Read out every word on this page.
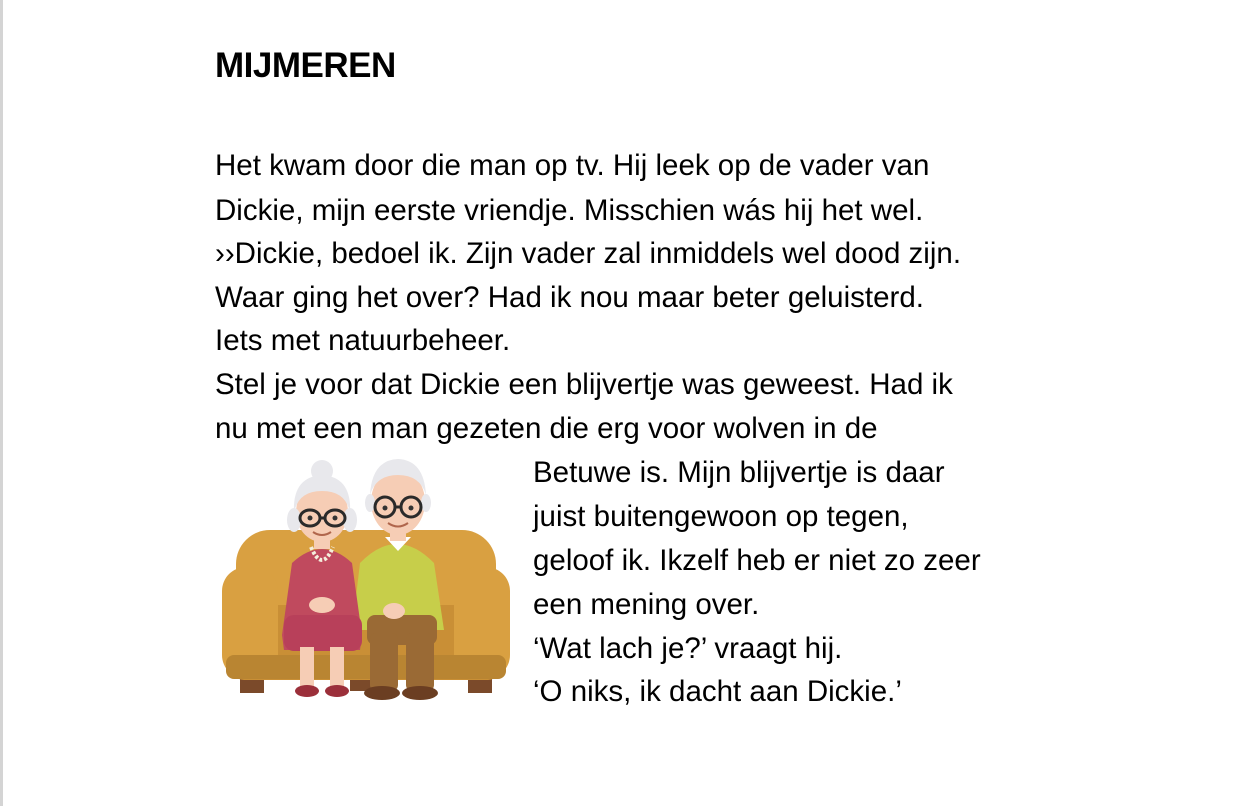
MIJMEREN

Het kwam door die man op tv. Hij leek op de vader van

Dickie, mijn eerste vriendje. Misschien wás hij het wel.

››Dickie, bedoel ik. Zijn vader zal inmiddels wel dood zijn.

Waar ging het over? Had ik nou maar beter geluisterd.

Iets met natuurbeheer.

Stel je voor dat Dickie een blijvertje was geweest. Had ik

nu met een man gezeten die erg voor wolven in de

Betuwe is. Mijn blijvertje is daar

juist buitengewoon op tegen,

geloof ik. Ikzelf heb er niet zo zeer

een mening over.

‘Wat lach je?’ vraagt hij.

‘O niks, ik dacht aan Dickie.’
